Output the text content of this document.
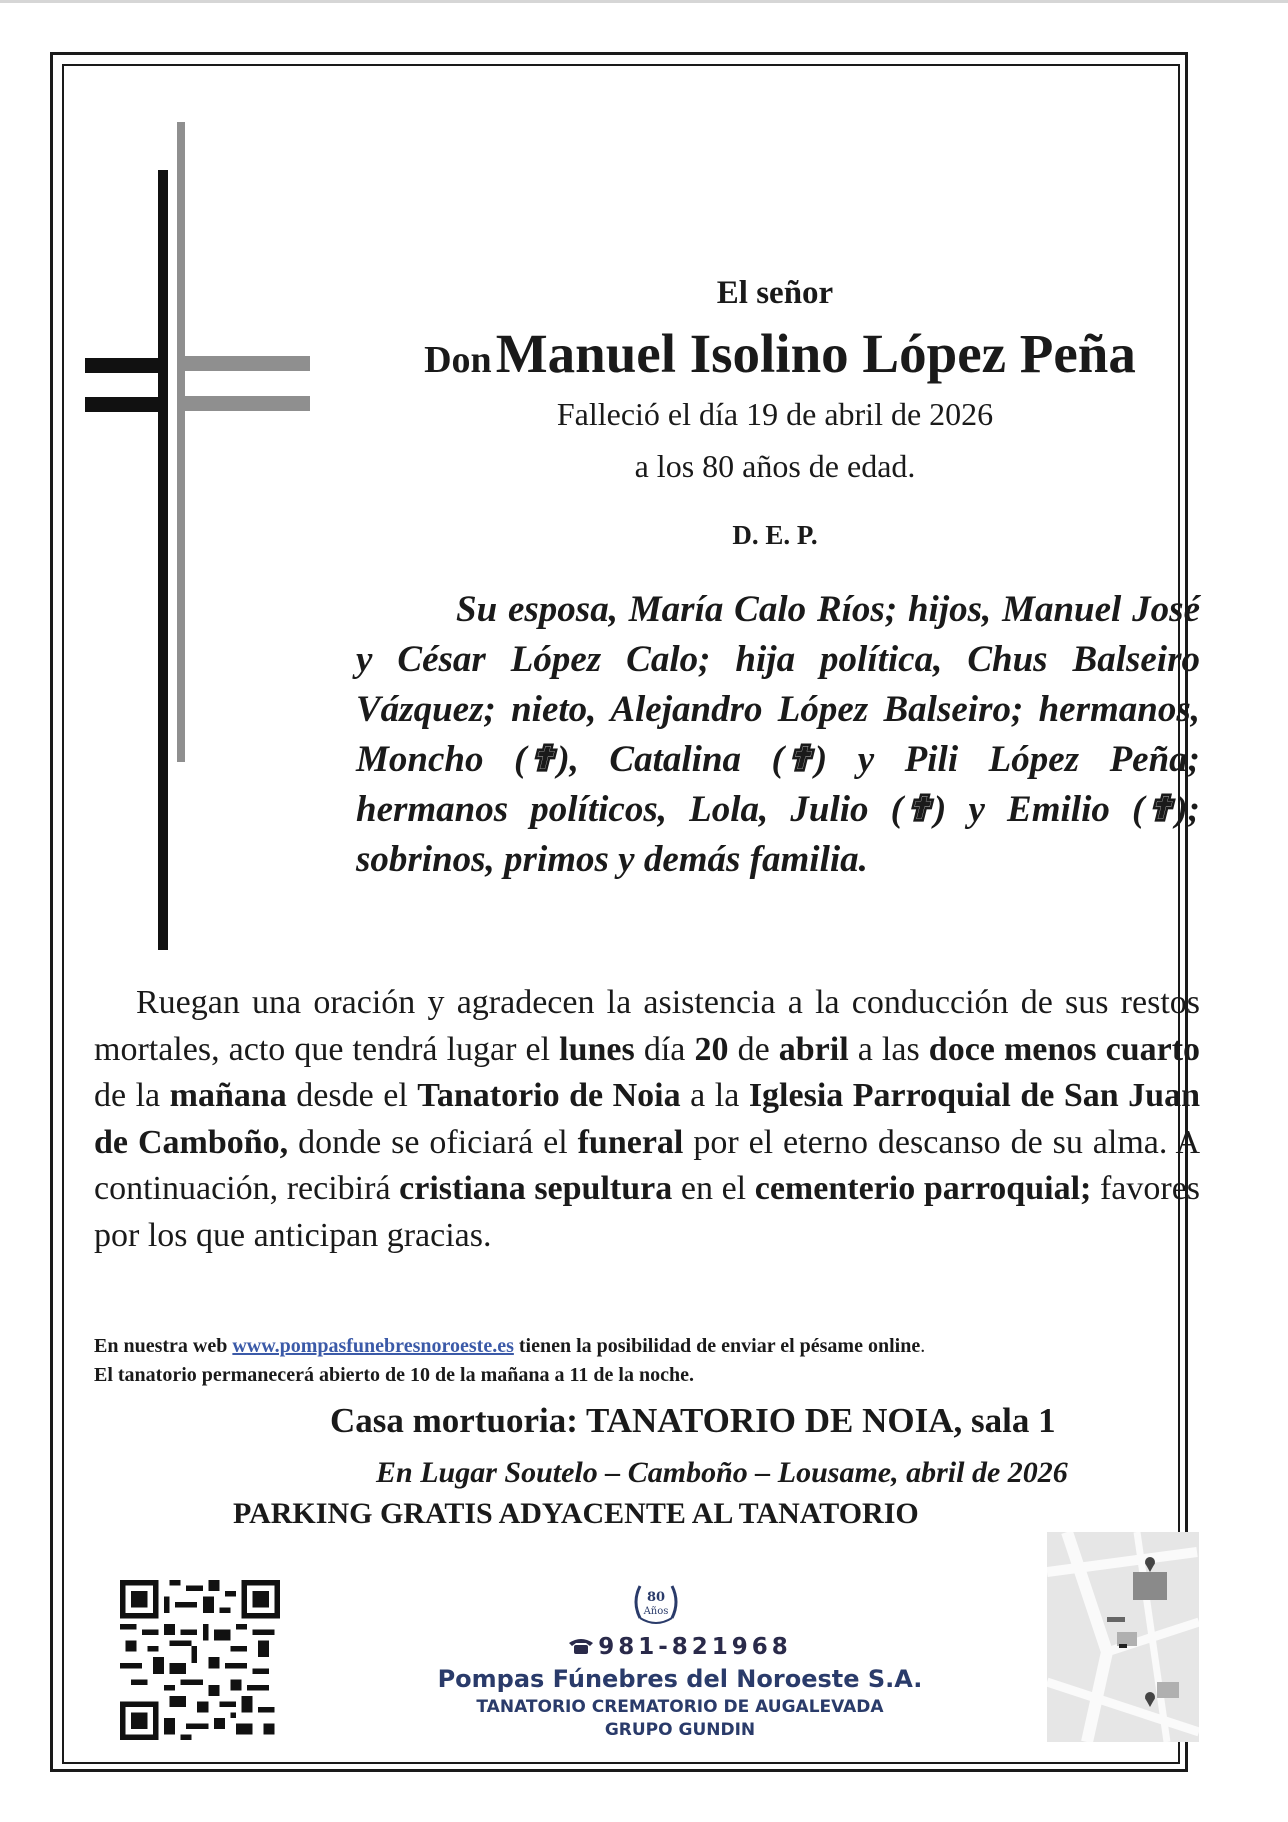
El señor
Don Manuel Isolino López Peña
Falleció el día 19 de abril de 2026
a los 80 años de edad.
D. E. P.
Su esposa, María Calo Ríos; hijos, Manuel José y César López Calo; hija política, Chus Balseiro Vázquez; nieto, Alejandro López Balseiro; hermanos, Moncho (✟), Catalina (✟) y Pili López Peña; hermanos políticos, Lola, Julio (✟) y Emilio (✟); sobrinos, primos y demás familia.
Ruegan una oración y agradecen la asistencia a la conducción de sus restos mortales, acto que tendrá lugar el lunes día 20 de abril a las doce menos cuarto de la mañana desde el Tanatorio de Noia a la Iglesia Parroquial de San Juan de Camboño, donde se oficiará el funeral por el eterno descanso de su alma. A continuación, recibirá cristiana sepultura en el cementerio parroquial; favores por los que anticipan gracias.
En nuestra web www.pompasfunebresnoroeste.es tienen la posibilidad de enviar el pésame online.
El tanatorio permanecerá abierto de 10 de la mañana a 11 de la noche.
Casa mortuoria: TANATORIO DE NOIA, sala 1
En Lugar Soutelo – Camboño – Lousame, abril de 2026
PARKING GRATIS ADYACENTE AL TANATORIO
80
Años
981-821968
Pompas Fúnebres del Noroeste S.A.
TANATORIO CREMATORIO DE AUGALEVADA
GRUPO GUNDIN
